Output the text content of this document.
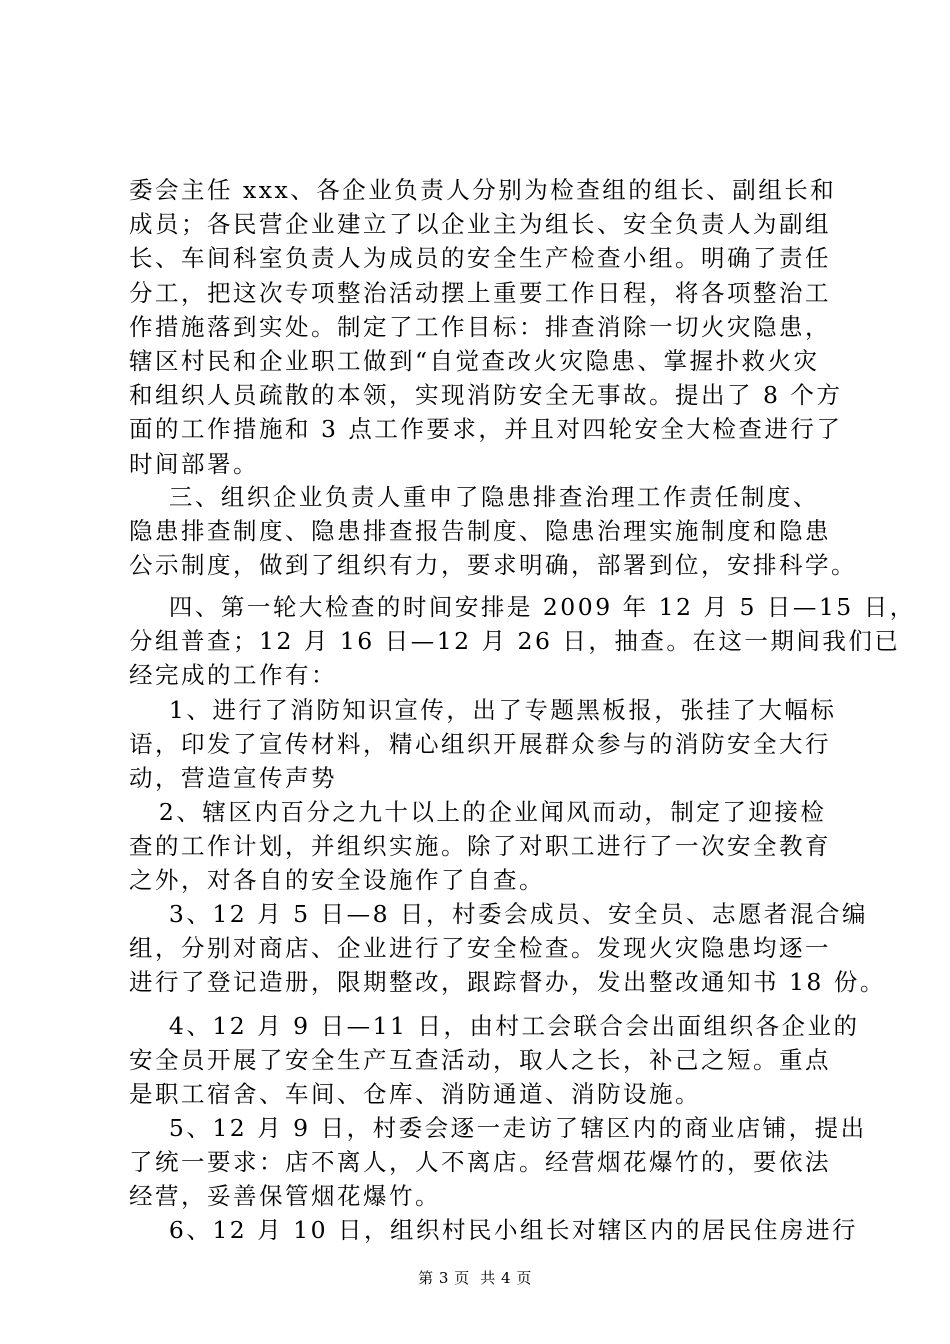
委会主任 xxx、各企业负责人分别为检查组的组长、副组长和
成员；各民营企业建立了以企业主为组长、安全负责人为副组
长、车间科室负责人为成员的安全生产检查小组。明确了责任
分工，把这次专项整治活动摆上重要工作日程，将各项整治工
作措施落到实处。制定了工作目标：排查消除一切火灾隐患，
辖区村民和企业职工做到“自觉查改火灾隐患、掌握扑救火灾
和组织人员疏散的本领，实现消防安全无事故。提出了 8 个方
面的工作措施和 3 点工作要求，并且对四轮安全大检查进行了
时间部署。

三、组织企业负责人重申了隐患排查治理工作责任制度、
隐患排查制度、隐患排查报告制度、隐患治理实施制度和隐患
公示制度，做到了组织有力，要求明确，部署到位，安排科学。

四、第一轮大检查的时间安排是 2009 年 12 月 5 日—15 日，
分组普查；12 月 16 日—12 月 26 日，抽查。在这一期间我们已
经完成的工作有：

1、进行了消防知识宣传，出了专题黑板报，张挂了大幅标
语，印发了宣传材料，精心组织开展群众参与的消防安全大行
动，营造宣传声势

2、辖区内百分之九十以上的企业闻风而动，制定了迎接检
查的工作计划，并组织实施。除了对职工进行了一次安全教育
之外，对各自的安全设施作了自查。

3、12 月 5 日—8 日，村委会成员、安全员、志愿者混合编
组，分别对商店、企业进行了安全检查。发现火灾隐患均逐一
进行了登记造册，限期整改，跟踪督办，发出整改通知书 18 份。

4、12 月 9 日—11 日，由村工会联合会出面组织各企业的
安全员开展了安全生产互查活动，取人之长，补己之短。重点
是职工宿舍、车间、仓库、消防通道、消防设施。

5、12 月 9 日，村委会逐一走访了辖区内的商业店铺，提出
了统一要求：店不离人，人不离店。经营烟花爆竹的，要依法
经营，妥善保管烟花爆竹。

6、12 月 10 日，组织村民小组长对辖区内的居民住房进行

第 3 页  共 4 页
